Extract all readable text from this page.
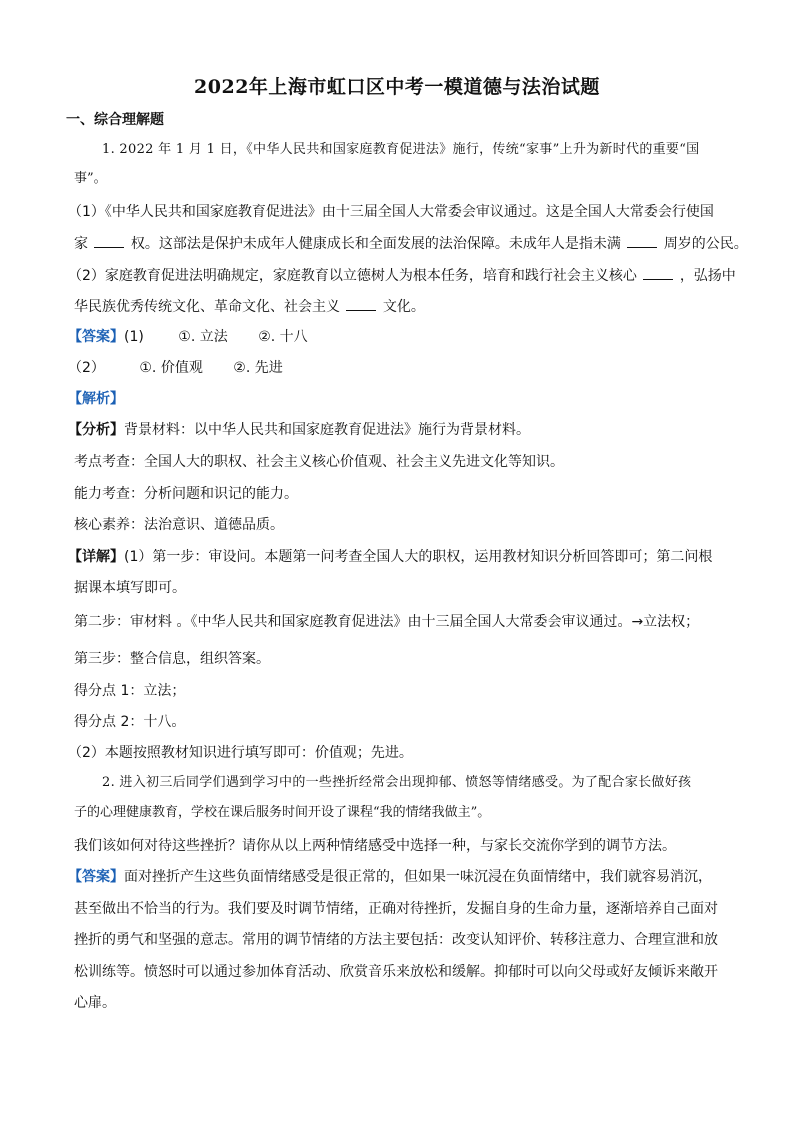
2022年上海市虹口区中考一模道德与法治试题
一、综合理解题
1. 2022 年 1 月 1 日，《中华人民共和国家庭教育促进法》施行，传统“家事”上升为新时代的重要“国
事”。
（1）《中华人民共和国家庭教育促进法》由十三届全国人大常委会审议通过。这是全国人大常委会行使国
家	权。这部法是保护未成年人健康成长和全面发展的法治保障。未成年人是指未满	周岁的公民。
（2）家庭教育促进法明确规定，家庭教育以立德树人为根本任务，培育和践行社会主义核心	，弘扬中
华民族优秀传统文化、革命文化、社会主义	文化。
【答案】(1) ①. 立法 ②. 十八
（2） ①. 价值观 ②. 先进
【解析】
【分析】背景材料：以中华人民共和国家庭教育促进法》施行为背景材料。
考点考查：全国人大的职权、社会主义核心价值观、社会主义先进文化等知识。
能力考查：分析问题和识记的能力。
核心素养：法治意识、道德品质。
【详解】(1）第一步：审设问。本题第一问考查全国人大的职权，运用教材知识分析回答即可；第二问根
据课本填写即可。
第二步：审材料 。《中华人民共和国家庭教育促进法》由十三届全国人大常委会审议通过。→立法权；
第三步：整合信息，组织答案。
得分点 1：立法；
得分点 2：十八。
（2）本题按照教材知识进行填写即可：价值观；先进。
2. 进入初三后同学们遇到学习中的一些挫折经常会出现抑郁、愤怒等情绪感受。为了配合家长做好孩
子的心理健康教育，学校在课后服务时间开设了课程“我的情绪我做主”。
我们该如何对待这些挫折？请你从以上两种情绪感受中选择一种，与家长交流你学到的调节方法。
【答案】面对挫折产生这些负面情绪感受是很正常的，但如果一味沉浸在负面情绪中，我们就容易消沉，
甚至做出不恰当的行为。我们要及时调节情绪，正确对待挫折，发掘自身的生命力量，逐渐培养自己面对
挫折的勇气和坚强的意志。常用的调节情绪的方法主要包括：改变认知评价、转移注意力、合理宣泄和放
松训练等。愤怒时可以通过参加体育活动、欣赏音乐来放松和缓解。抑郁时可以向父母或好友倾诉来敞开
心扉。
